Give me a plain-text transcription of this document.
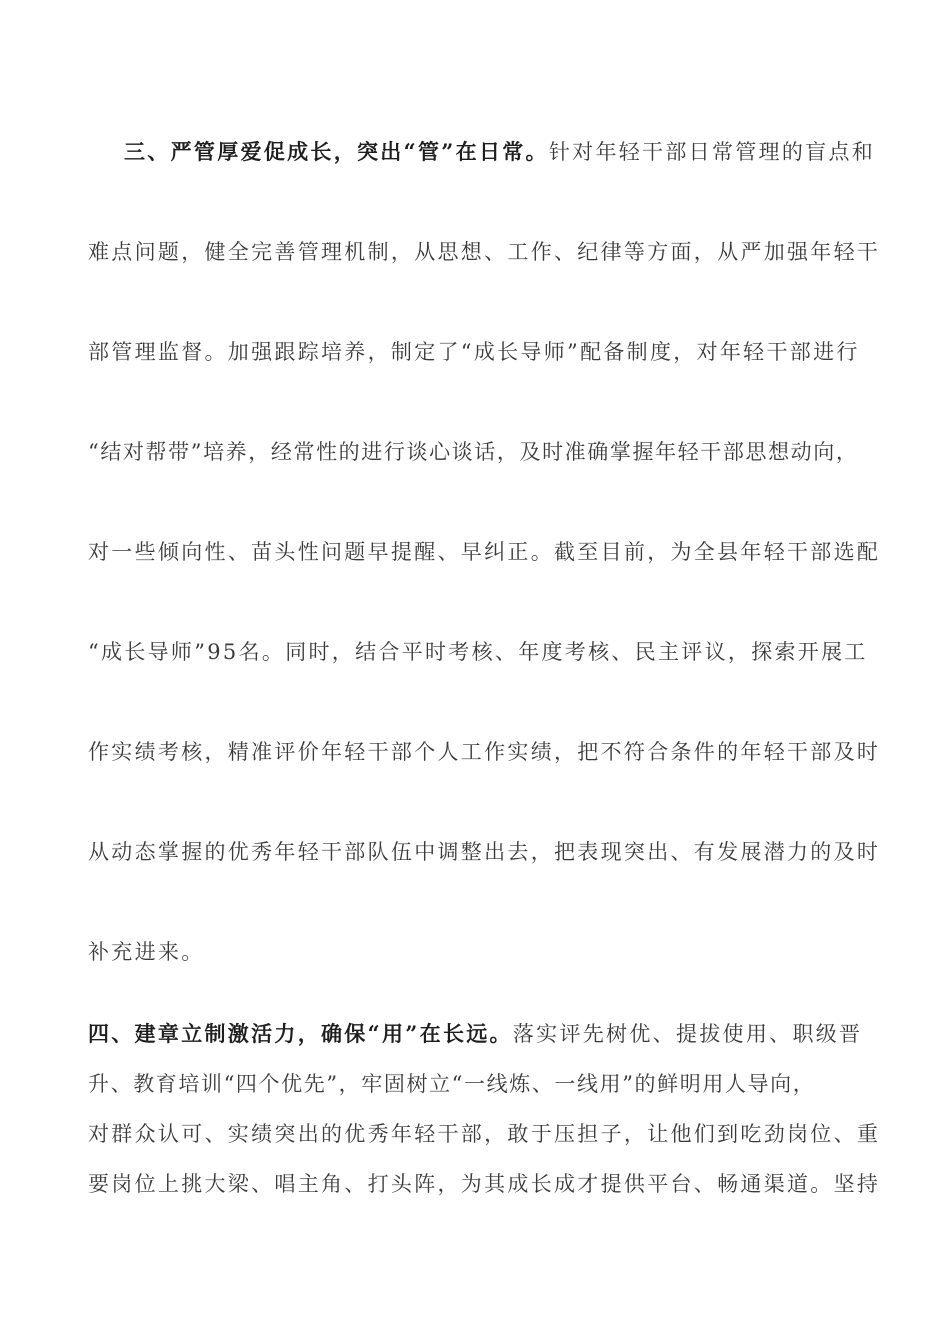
三、严管厚爱促成长，突出“管”在日常。针对年轻干部日常管理的盲点和
难点问题，健全完善管理机制，从思想、工作、纪律等方面，从严加强年轻干
部管理监督。加强跟踪培养，制定了“成长导师”配备制度，对年轻干部进行
“结对帮带”培养，经常性的进行谈心谈话，及时准确掌握年轻干部思想动向，
对一些倾向性、苗头性问题早提醒、早纠正。截至目前，为全县年轻干部选配
“成长导师”95名。同时，结合平时考核、年度考核、民主评议，探索开展工
作实绩考核，精准评价年轻干部个人工作实绩，把不符合条件的年轻干部及时
从动态掌握的优秀年轻干部队伍中调整出去，把表现突出、有发展潜力的及时
补充进来。
四、建章立制激活力，确保“用”在长远。落实评先树优、提拔使用、职级晋
升、教育培训“四个优先”，牢固树立“一线炼、一线用”的鲜明用人导向，
对群众认可、实绩突出的优秀年轻干部，敢于压担子，让他们到吃劲岗位、重
要岗位上挑大梁、唱主角、打头阵，为其成长成才提供平台、畅通渠道。坚持
